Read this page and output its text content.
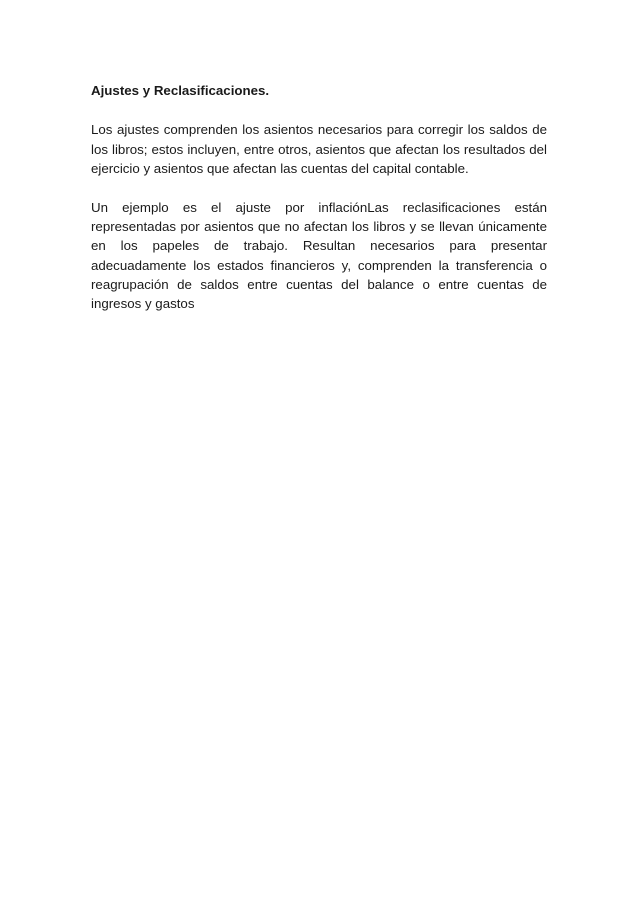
Ajustes y Reclasificaciones.

Los ajustes comprenden los asientos necesarios para corregir los saldos de los libros; estos incluyen, entre otros, asientos que afectan los resultados del ejercicio y asientos que afectan las cuentas del capital contable.

Un ejemplo es el ajuste por inflaciónLas reclasificaciones están representadas por asientos que no afectan los libros y se llevan únicamente en los papeles de trabajo. Resultan necesarios para presentar adecuadamente los estados financieros y, comprenden la transferencia o reagrupación de saldos entre cuentas del balance o entre cuentas de ingresos y gastos
